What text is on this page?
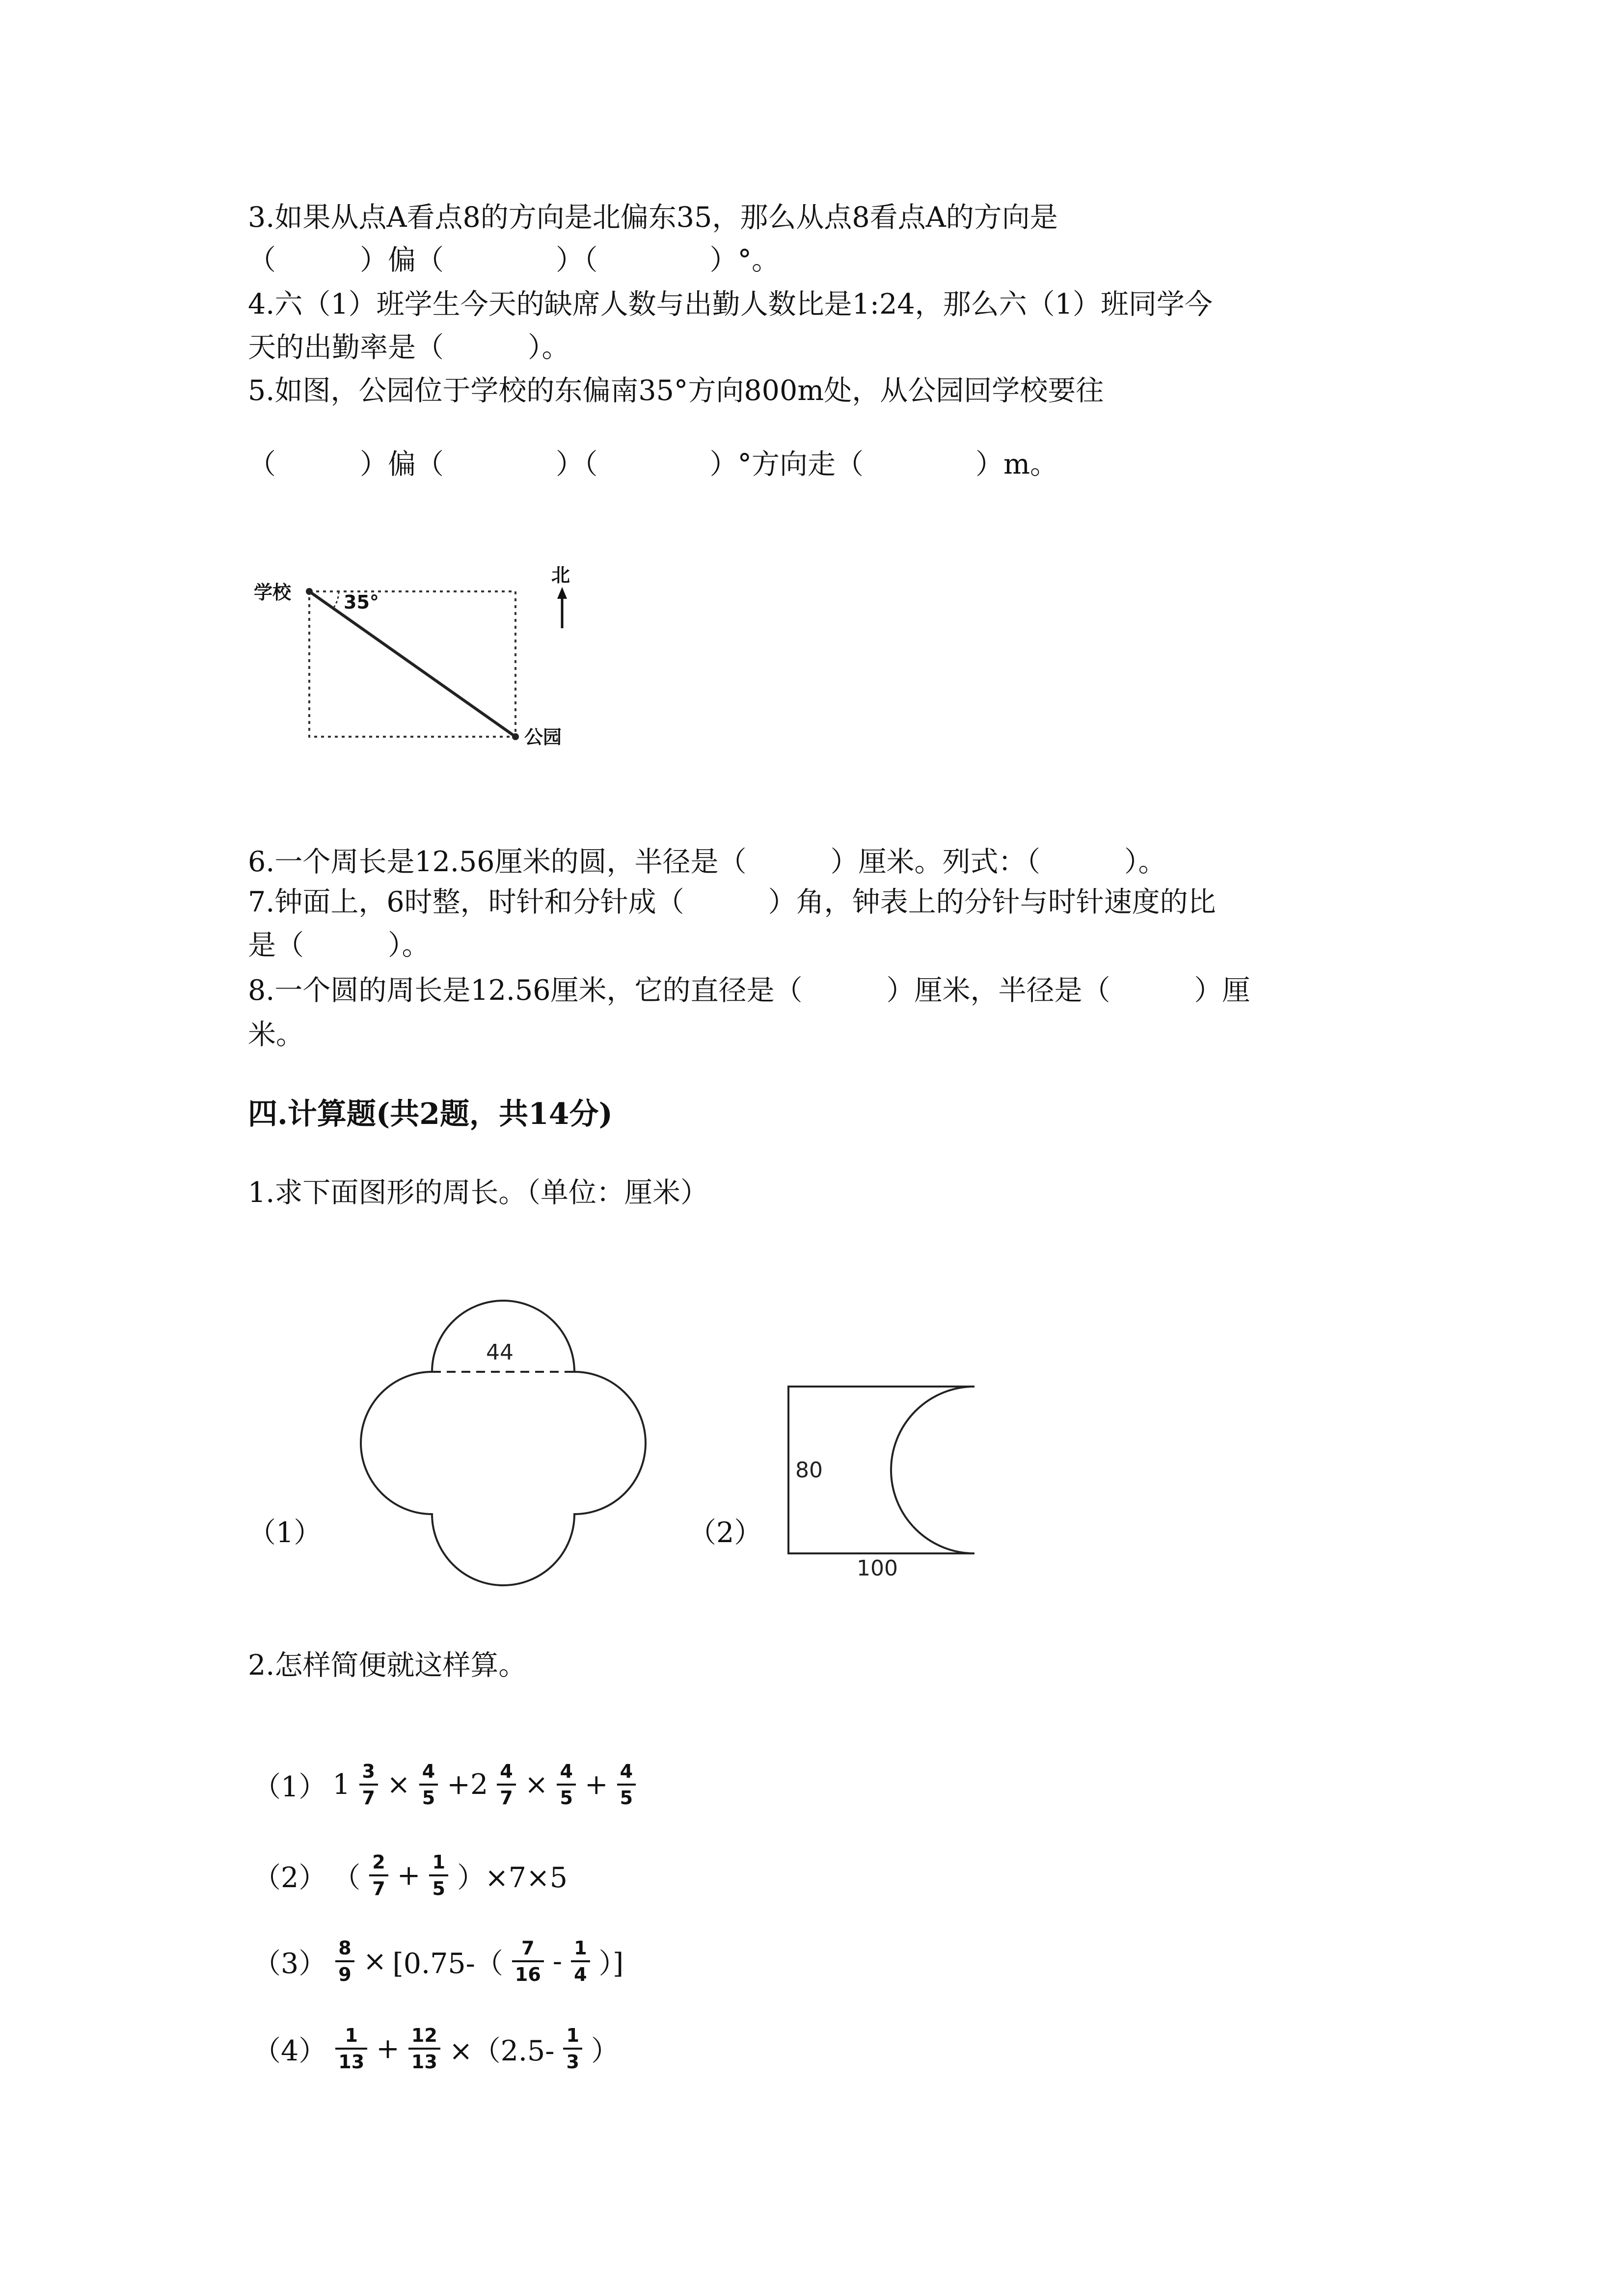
3.如果从点A看点8的方向是北偏东35，那么从点8看点A的方向是
（　　　）偏（　　　　）（　　　　）°。
4.六（1）班学生今天的缺席人数与出勤人数比是1:24，那么六（1）班同学今
天的出勤率是（　　　）。
5.如图，公园位于学校的东偏南35°方向800m处，从公园回学校要往
（　　　）偏（　　　　）（　　　　）°方向走（　　　　）m。
学校	35°
北
公园
6.一个周长是12.56厘米的圆，半径是（　　　）厘米。列式：（　　　）。
7.钟面上，6时整，时针和分针成（　　　）角，钟表上的分针与时针速度的比
是（　　　）。
8.一个圆的周长是12.56厘米，它的直径是（　　　）厘米，半径是（　　　）厘
米。
四.计算题(共2题，共14分)
1.求下面图形的周长。（单位：厘米）
（1）
44
（2）
80
100
2.怎样简便就这样算。
（1） $1 \frac{3}{7} \times \frac{4}{5} +2 \frac{4}{7} \times \frac{4}{5} + \frac{4}{5}$
（2） （ $\frac{2}{7} + \frac{1}{5} )\times 7\times 5$
$(3) \frac{8}{9} \times [0.75-( \frac{7}{16} - \frac{1}{4}$ ）]
$(4) \frac{1}{13} + \frac{12}{13} \times(2.5- \frac{1}{3}$ ）
